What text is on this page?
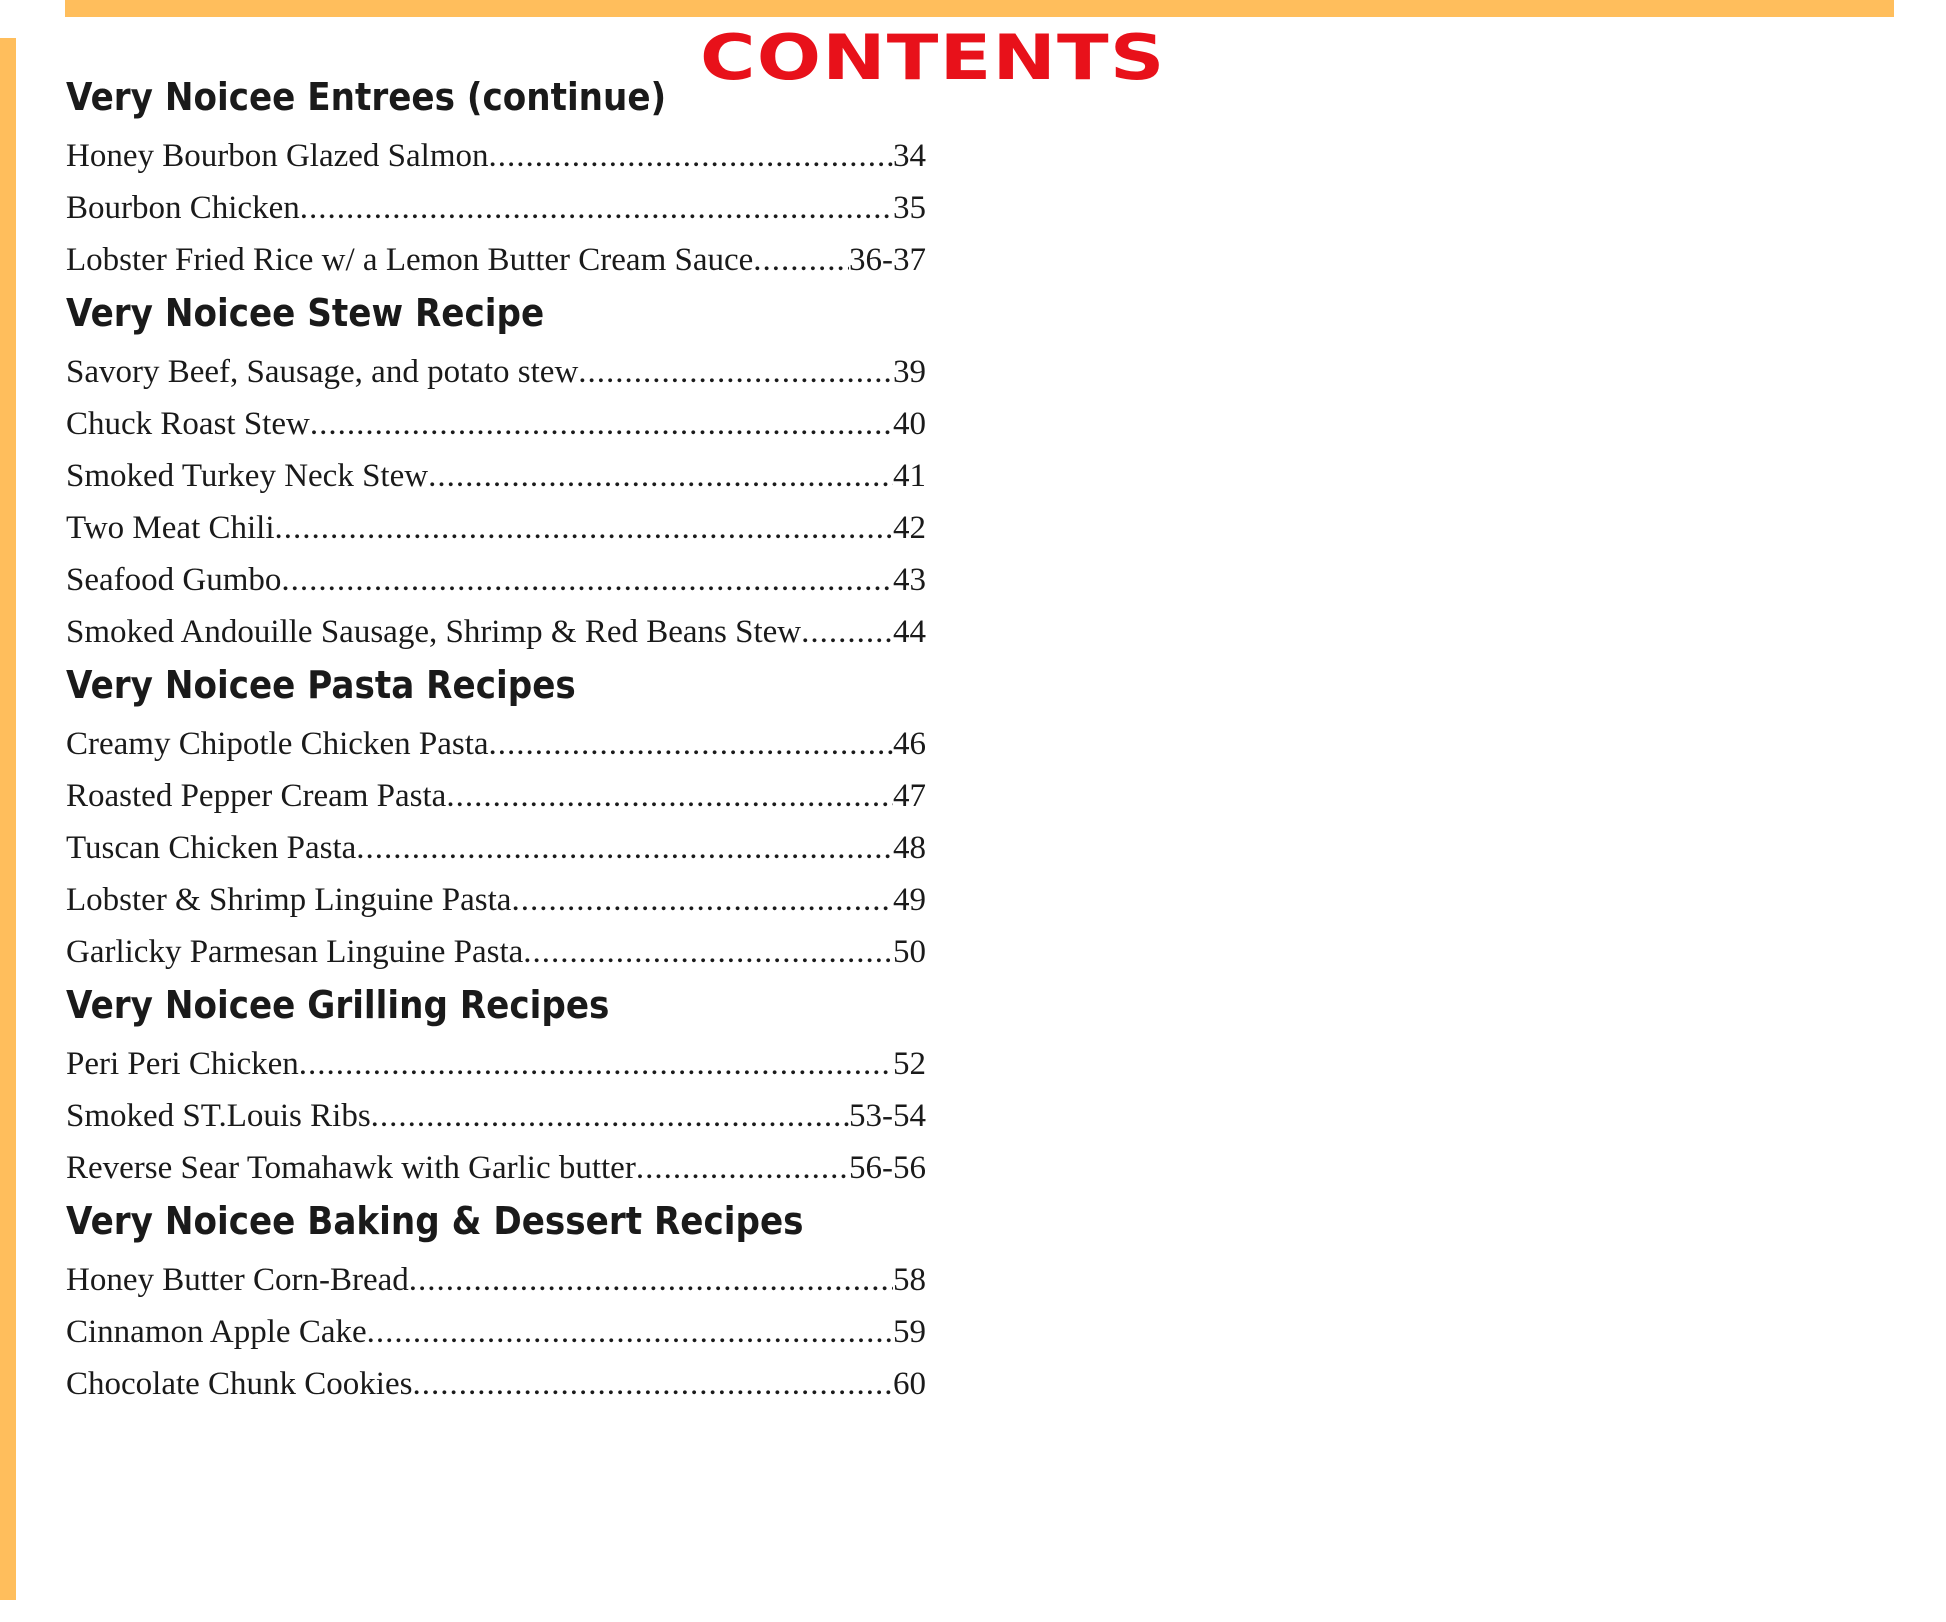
CONTENTS
Very Noicee Entrees (continue)
Honey Bourbon Glazed Salmon .....	34
Bourbon Chicken .....	35
Lobster Fried Rice w/ a Lemon Butter Cream Sauce .....	36-37
Very Noicee Stew Recipe
Savory Beef, Sausage, and potato stew .....	39
Chuck Roast Stew .....	40
Smoked Turkey Neck Stew .....	41
Two Meat Chili .....	42
Seafood Gumbo .....	43
Smoked Andouille Sausage, Shrimp & Red Beans Stew .....	44
Very Noicee Pasta Recipes
Creamy Chipotle Chicken Pasta .....	46
Roasted Pepper Cream Pasta .....	47
Tuscan Chicken Pasta .....	48
Lobster & Shrimp Linguine Pasta .....	49
Garlicky Parmesan Linguine Pasta .....	50
Very Noicee Grilling Recipes
Peri Peri Chicken .....	52
Smoked ST.Louis Ribs .....	53-54
Reverse Sear Tomahawk with Garlic butter .....	56-56
Very Noicee Baking & Dessert Recipes
Honey Butter Corn-Bread .....	58
Cinnamon Apple Cake .....	59
Chocolate Chunk Cookies .....	60
